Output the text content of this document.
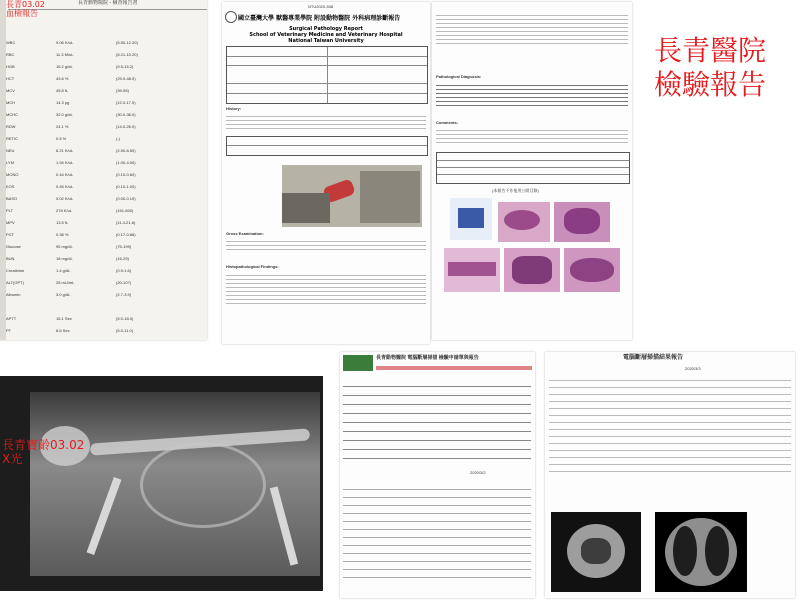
長青動物醫院 - 檢查報告書
長青03.02
血檢報告
WBC	9.06 K/uL	(5.50-12.20)
RBC	11.3 M/uL	(6.21-10.20)
HGB	16.2 g/dL	(9.5-15.2)
HCT	43.6 %	(29.0-48.0)
MCV	45.8 fL	(39-55)
MCH	14.3 pg	(12.0-17.0)
MCHC	32.0 g/dL	(30.0-36.0)
RDW	24.1 %	(14.0-26.0)
RETIC	0.5 %	(-)
NEU	6.21 K/uL	(2.50-8.50)
LYM	1.94 K/uL	(1.00-4.00)
MONO	0.44 K/uL	(0.10-0.60)
EOS	0.45 K/uL	(0.10-1.00)
BASO	0.02 K/uL	(0.00-0.10)
PLT	278 K/uL	(151-600)
MPV	13.5 fL	(11.4-21.6)
PCT	0.38 %	(0.17-0.86)
Glucose	95 mg/dL	(75-199)
BUN	18 mg/dL	(15-29)
Creatinine	1.4 g/dL	(0.9-1.6)
ALT(GPT)	28 mU/mL	(20-107)
Albumin	3.0 g/dL	(2.7-3.9)
APTT	15.1 Sec	(5.0-18.0)
PT	8.6 Sec	(5.0-11.0)
NTU2020-538
國立臺灣大學 獸醫專業學院 附設動物醫院 外科病理診斷報告
Surgical Pathology Report
School of Veterinary Medicine and Veterinary Hospital
National Taiwan University
History:
Gross Examination:
Histopathological Findings:
Pathological Diagnosis:
Comments:
(本報告不作他用公開目錄)
長青醫院
檢驗報告
長青寶齡03.02
X光
長青動物醫院 電腦斷層掃描 檢驗申請單與報告
2020/3/2
電腦斷層掃描結果報告
2020/3/3
